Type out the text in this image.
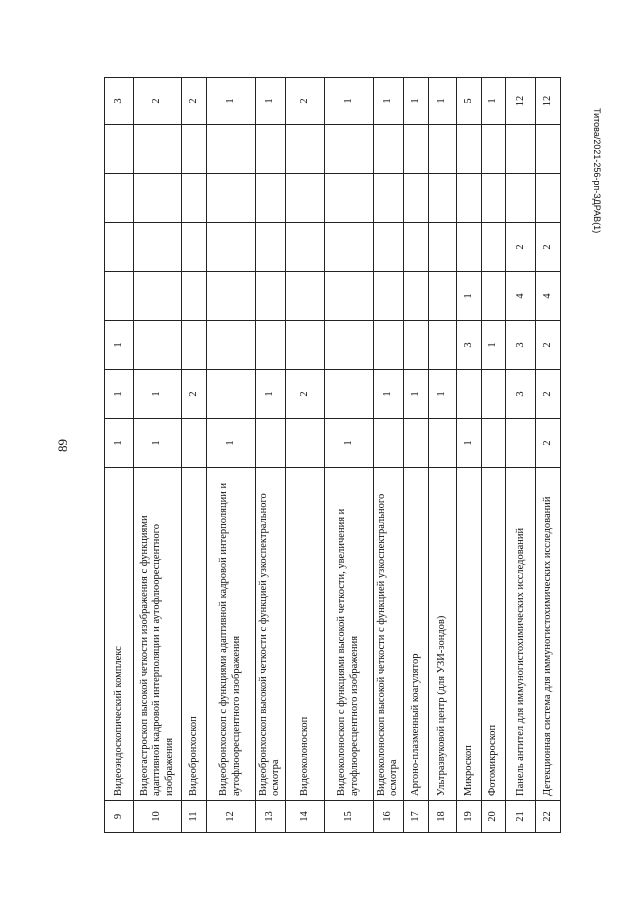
89
Титова/2021-256-рп-ЗДРАВ(1)
9	Видеоэндоскопический комплекс	1	1	1					3
10	Видеогастроскоп высокой четкости изображения с функциями адаптивной кадровой интерполяции и аутофлюоресцентного изображения	1	1						2
11	Видеобронхоскоп		2						2
12	Видеобронхоскоп с функциями адаптивной кадровой интерполяции и аутофлюоресцентного изображения	1							1
13	Видеобронхоскоп высокой четкости с функцией узкоспектрального осмотра		1						1
14	Видеоколоноскоп		2						2
15	Видеоколоноскоп с функциями высокой четкости, увеличения и аутофлюоресцентного изображения	1							1
16	Видеоколоноскоп высокой четкости с функцией узкоспектрального осмотра		1						1
17	Аргоно-плазменный коагулятор		1						1
18	Ультразвуковой центр (для УЗИ-зондов)		1						1
19	Микроскоп	1		3	1				5
20	Фотомикроскоп			1					1
21	Панель антител для иммуногистохимических исследований		3	3	4	2			12
22	Детекционная система для иммуногистохимических исследований	2	2	2	4	2			12
